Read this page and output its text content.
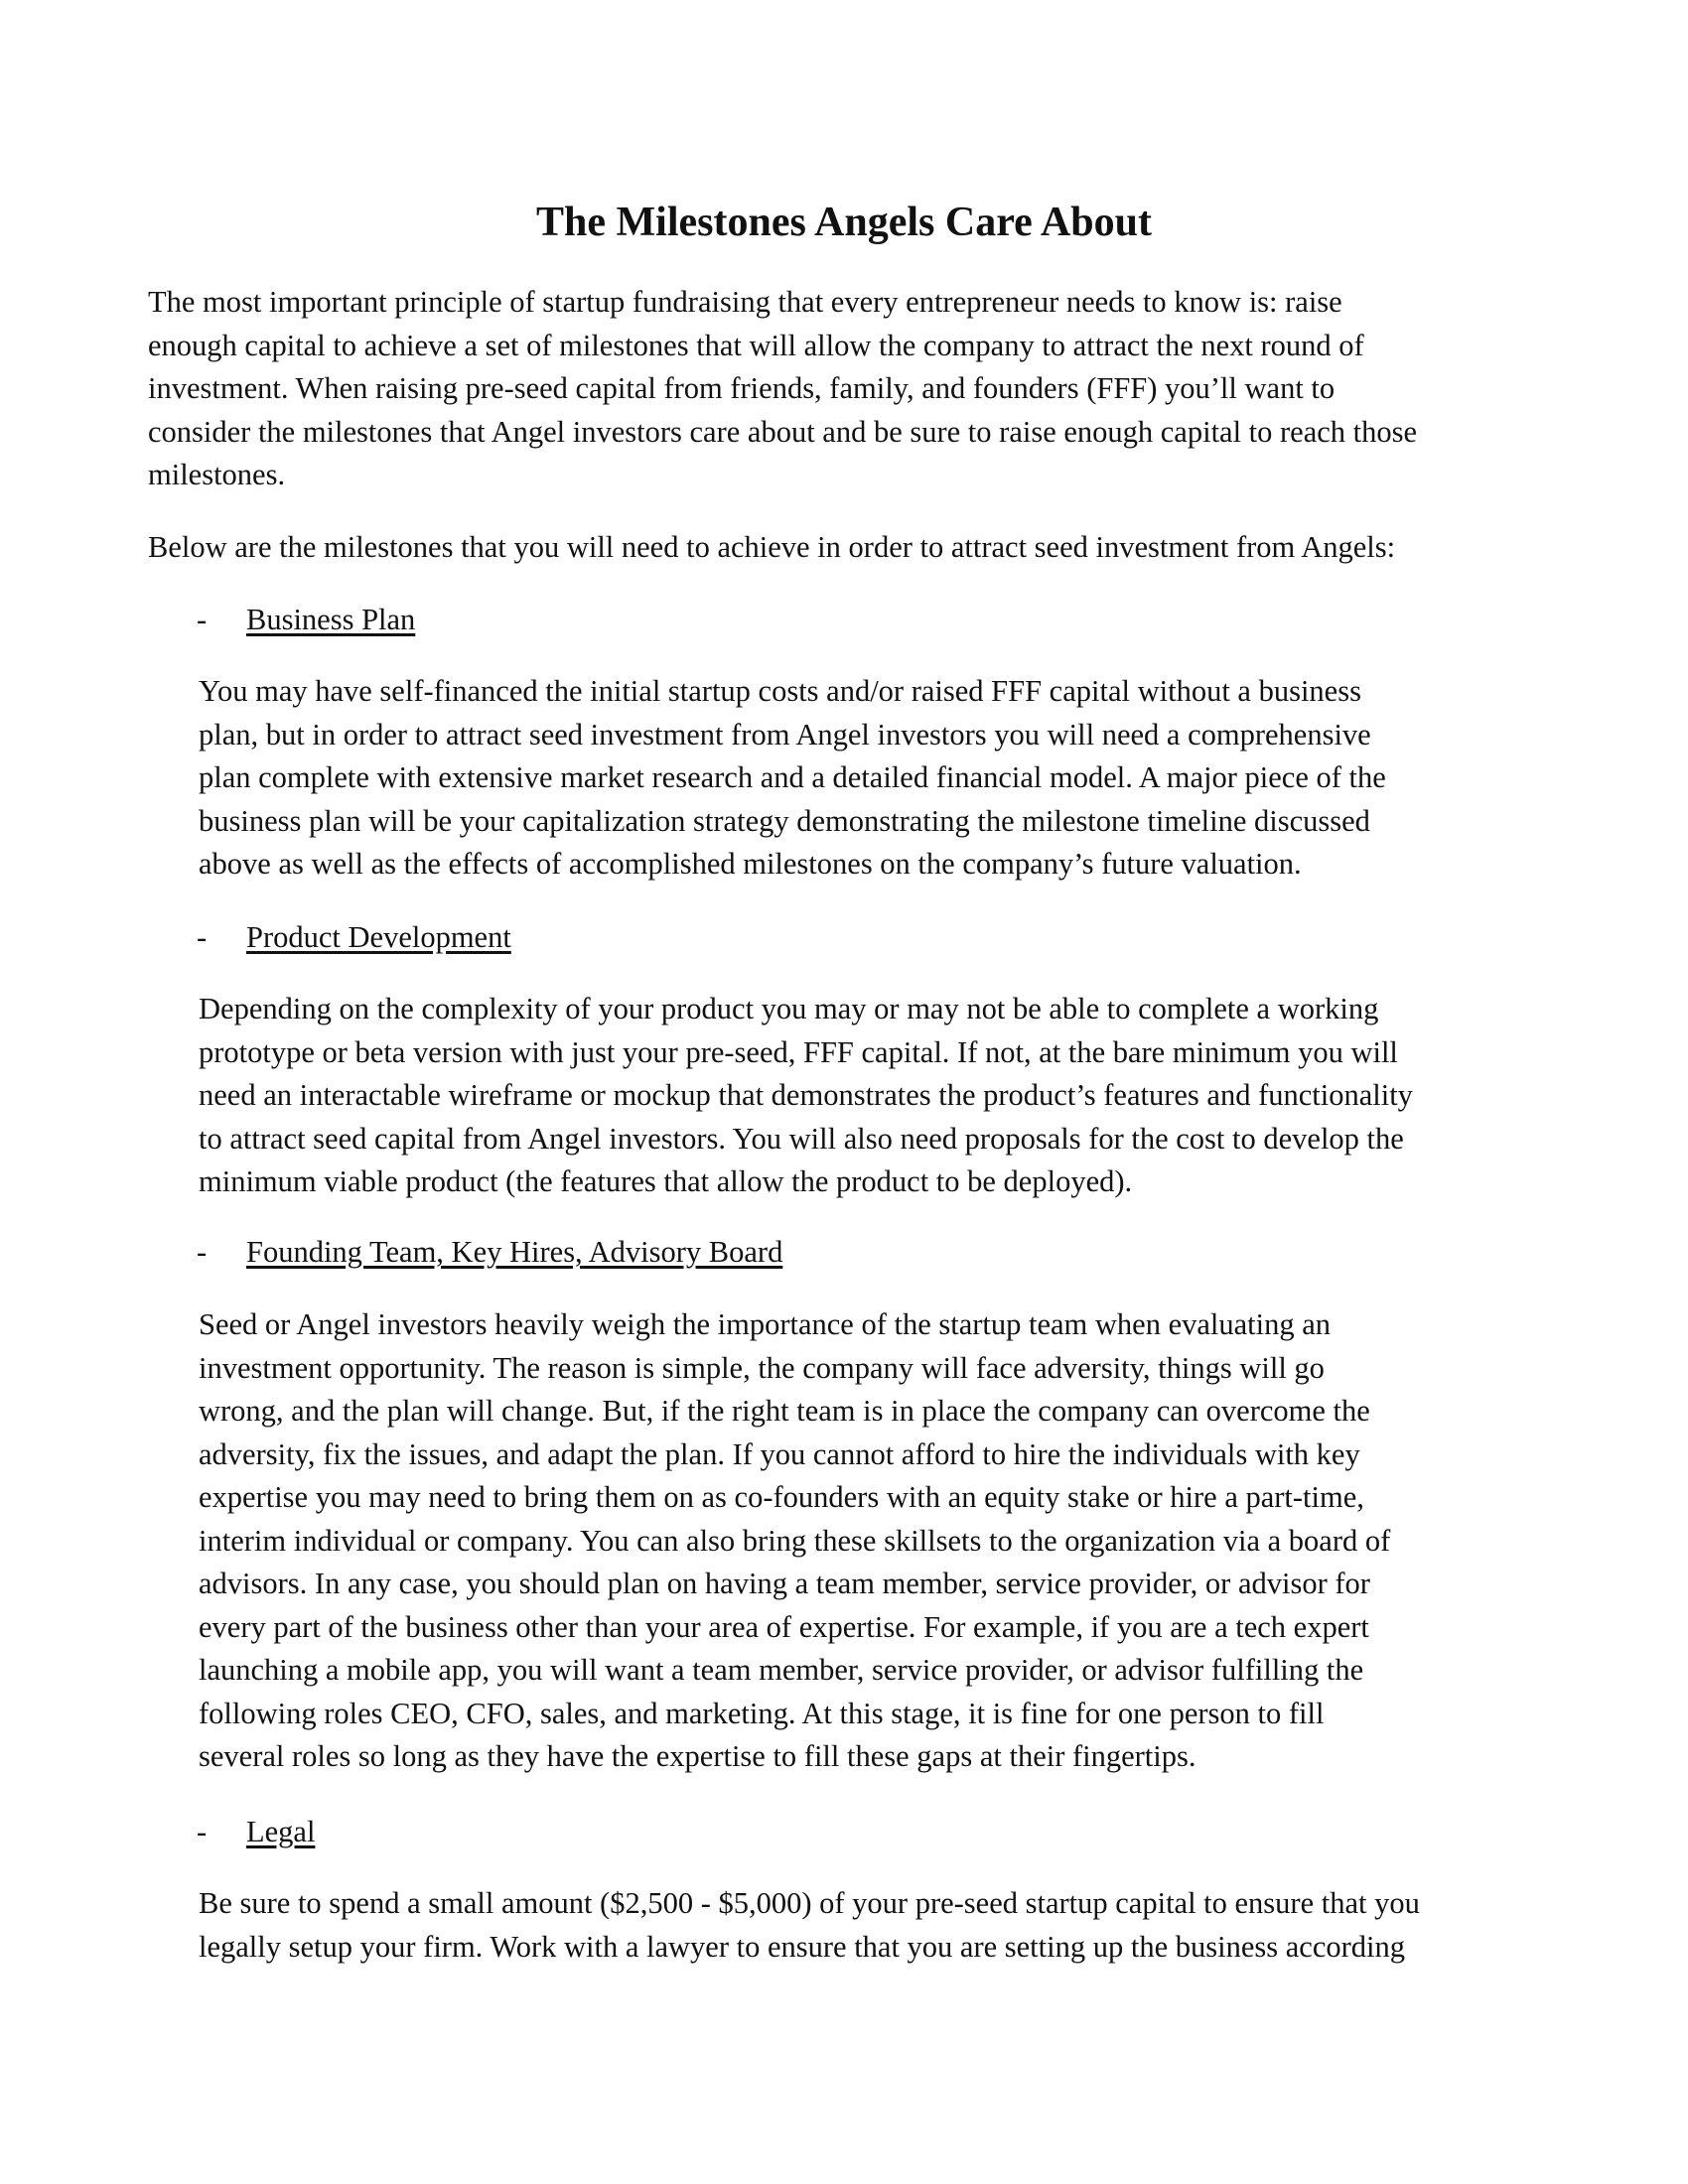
The Milestones Angels Care About

The most important principle of startup fundraising that every entrepreneur needs to know is: raise
enough capital to achieve a set of milestones that will allow the company to attract the next round of
investment. When raising pre-seed capital from friends, family, and founders (FFF) you’ll want to
consider the milestones that Angel investors care about and be sure to raise enough capital to reach those
milestones.

Below are the milestones that you will need to achieve in order to attract seed investment from Angels:

- Business Plan

You may have self-financed the initial startup costs and/or raised FFF capital without a business
plan, but in order to attract seed investment from Angel investors you will need a comprehensive
plan complete with extensive market research and a detailed financial model. A major piece of the
business plan will be your capitalization strategy demonstrating the milestone timeline discussed
above as well as the effects of accomplished milestones on the company’s future valuation.

- Product Development

Depending on the complexity of your product you may or may not be able to complete a working
prototype or beta version with just your pre-seed, FFF capital. If not, at the bare minimum you will
need an interactable wireframe or mockup that demonstrates the product’s features and functionality
to attract seed capital from Angel investors. You will also need proposals for the cost to develop the
minimum viable product (the features that allow the product to be deployed).

- Founding Team, Key Hires, Advisory Board

Seed or Angel investors heavily weigh the importance of the startup team when evaluating an
investment opportunity. The reason is simple, the company will face adversity, things will go
wrong, and the plan will change. But, if the right team is in place the company can overcome the
adversity, fix the issues, and adapt the plan. If you cannot afford to hire the individuals with key
expertise you may need to bring them on as co-founders with an equity stake or hire a part-time,
interim individual or company. You can also bring these skillsets to the organization via a board of
advisors. In any case, you should plan on having a team member, service provider, or advisor for
every part of the business other than your area of expertise. For example, if you are a tech expert
launching a mobile app, you will want a team member, service provider, or advisor fulfilling the
following roles CEO, CFO, sales, and marketing. At this stage, it is fine for one person to fill
several roles so long as they have the expertise to fill these gaps at their fingertips.

- Legal

Be sure to spend a small amount ($2,500 - $5,000) of your pre-seed startup capital to ensure that you
legally setup your firm. Work with a lawyer to ensure that you are setting up the business according
